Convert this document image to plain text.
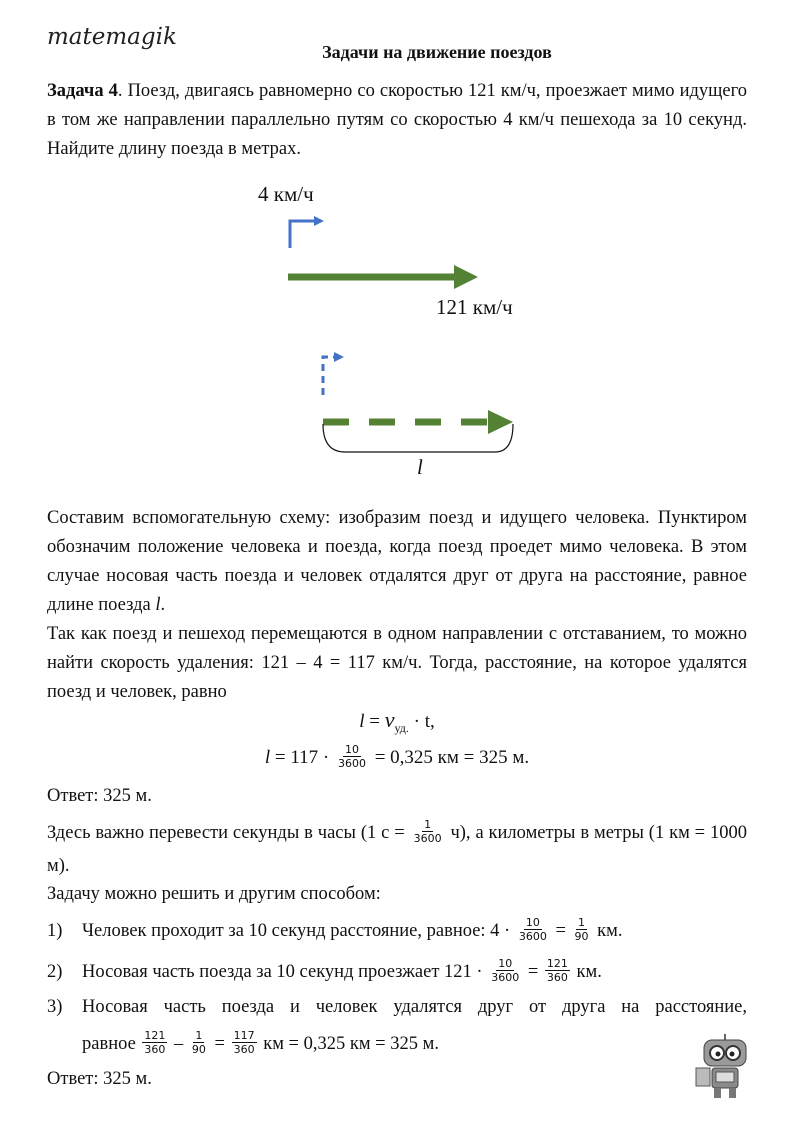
matemagik
Задачи на движение поездов
Задача 4. Поезд, двигаясь равномерно со скоростью 121 км/ч, проезжает мимо идущего в том же направлении параллельно путям со скоростью 4 км/ч пешехода за 10 секунд. Найдите длину поезда в метрах.
4 км/ч
121 км/ч
l
Составим вспомогательную схему: изобразим поезд и идущего человека. Пунктиром обозначим положение человека и поезда, когда поезд проедет мимо человека. В этом случае носовая часть поезда и человек отдалятся друг от друга на расстояние, равное длине поезда l.
Так как поезд и пешеход перемещаются в одном направлении с отставанием, то можно найти скорость удаления: 121 – 4 = 117 км/ч. Тогда, расстояние, на которое удалятся поезд и человек, равно
$l = v_{уд.} \cdot t$,
$l = 117 \cdot \frac{10}{3600} = 0,325$ км = 325 м.
Ответ: 325 м.
Здесь важно перевести секунды в часы (1 $с = \frac{1}{3600} ч$), а километры в метры (1 км = 1000 м).
Задачу можно решить и другим способом:
1) Человек проходит за 10 секунд расстояние, равное: $4 \cdot \frac{10}{3600} = \frac{1}{90}$ км.
2) Носовая часть поезда за 10 секунд проезжает $121 \cdot \frac{10}{3600} = \frac{121}{360}$ км.
3) Носовая часть поезда и человек удалятся друг от друга на расстояние,
равное $\frac{121}{360} - \frac{1}{90} = \frac{117}{360}$ км = 0,325 км = 325 м.
Ответ: 325 м.
